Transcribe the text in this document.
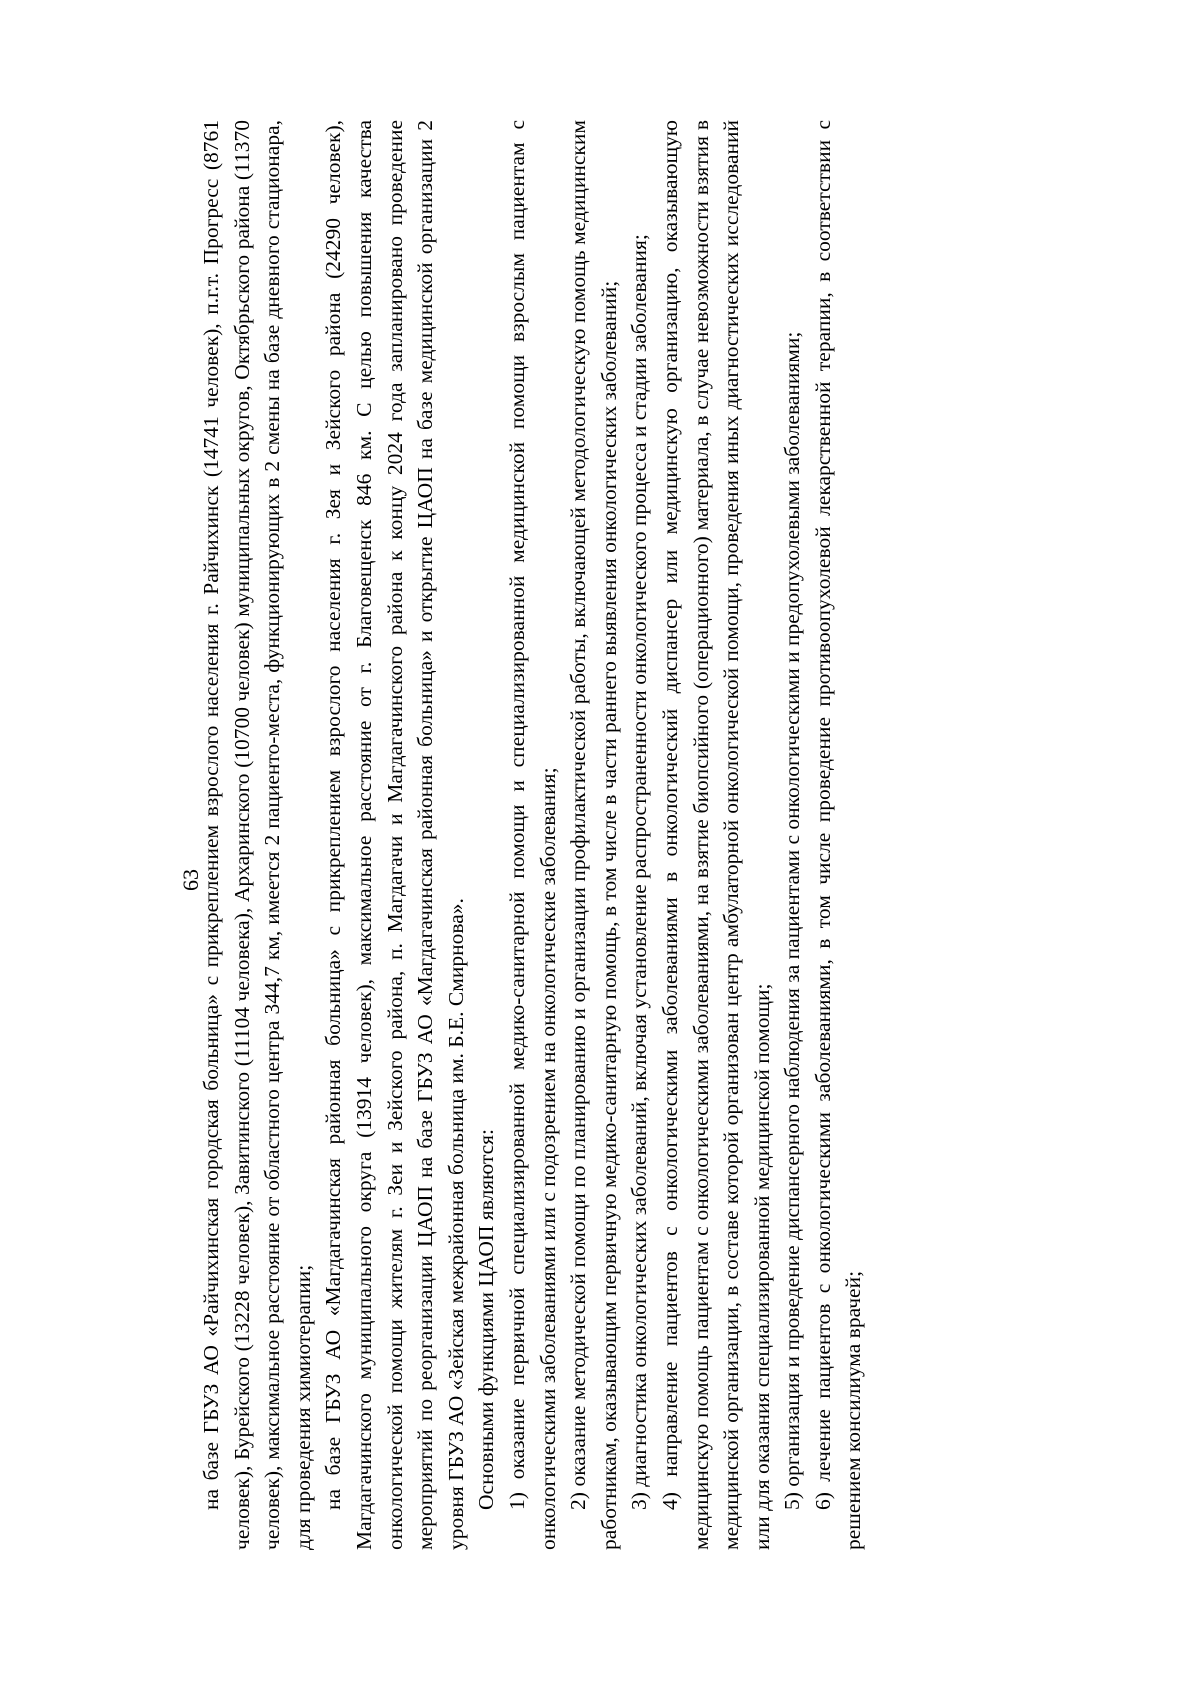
63

на базе ГБУЗ АО «Райчихинская городская больница» с прикреплением взрослого населения г. Райчихинск (14741 человек), п.г.т. Прогресс (8761 человек), Бурейского (13228 человек), Завитинского (11104 человека), Архаринского (10700 человек) муниципальных округов, Октябрьского района (11370 человек), максимальное расстояние от областного центра 344,7 км, имеется 2 пациенто-места, функционирующих в 2 смены на базе дневного стационара, для проведения химиотерапии; на базе ГБУЗ АО «Магдагачинская районная больница» с прикреплением взрослого населения г. Зея и Зейского района (24290 человек), Магдагачинского муниципального округа (13914 человек), максимальное расстояние от г. Благовещенск 846 км. С целью повышения качества онкологической помощи жителям г. Зеи и Зейского района, п. Магдагачи и Магдагачинского района к концу 2024 года запланировано проведение мероприятий по реорганизации ЦАОП на базе ГБУЗ АО «Магдагачинская районная больница» и открытие ЦАОП на базе медицинской организации 2 уровня ГБУЗ АО «Зейская межрайонная больница им. Б.Е. Смирнова». Основными функциями ЦАОП являются: 1) оказание первичной специализированной медико-санитарной помощи и специализированной медицинской помощи взрослым пациентам с онкологическими заболеваниями или с подозрением на онкологические заболевания; 2) оказание методической помощи по планированию и организации профилактической работы, включающей методологическую помощь медицинским работникам, оказывающим первичную медико-санитарную помощь, в том числе в части раннего выявления онкологических заболеваний; 3) диагностика онкологических заболеваний, включая установление распространенности онкологического процесса и стадии заболевания; 4) направление пациентов с онкологическими заболеваниями в онкологический диспансер или медицинскую организацию, оказывающую медицинскую помощь пациентам с онкологическими заболеваниями, на взятие биопсийного (операционного) материала, в случае невозможности взятия в медицинской организации, в составе которой организован центр амбулаторной онкологической помощи, проведения иных диагностических исследований или для оказания специализированной медицинской помощи; 5) организация и проведение диспансерного наблюдения за пациентами с онкологическими и предопухолевыми заболеваниями; 6) лечение пациентов с онкологическими заболеваниями, в том числе проведение противоопухолевой лекарственной терапии, в соответствии с решением консилиума врачей;
